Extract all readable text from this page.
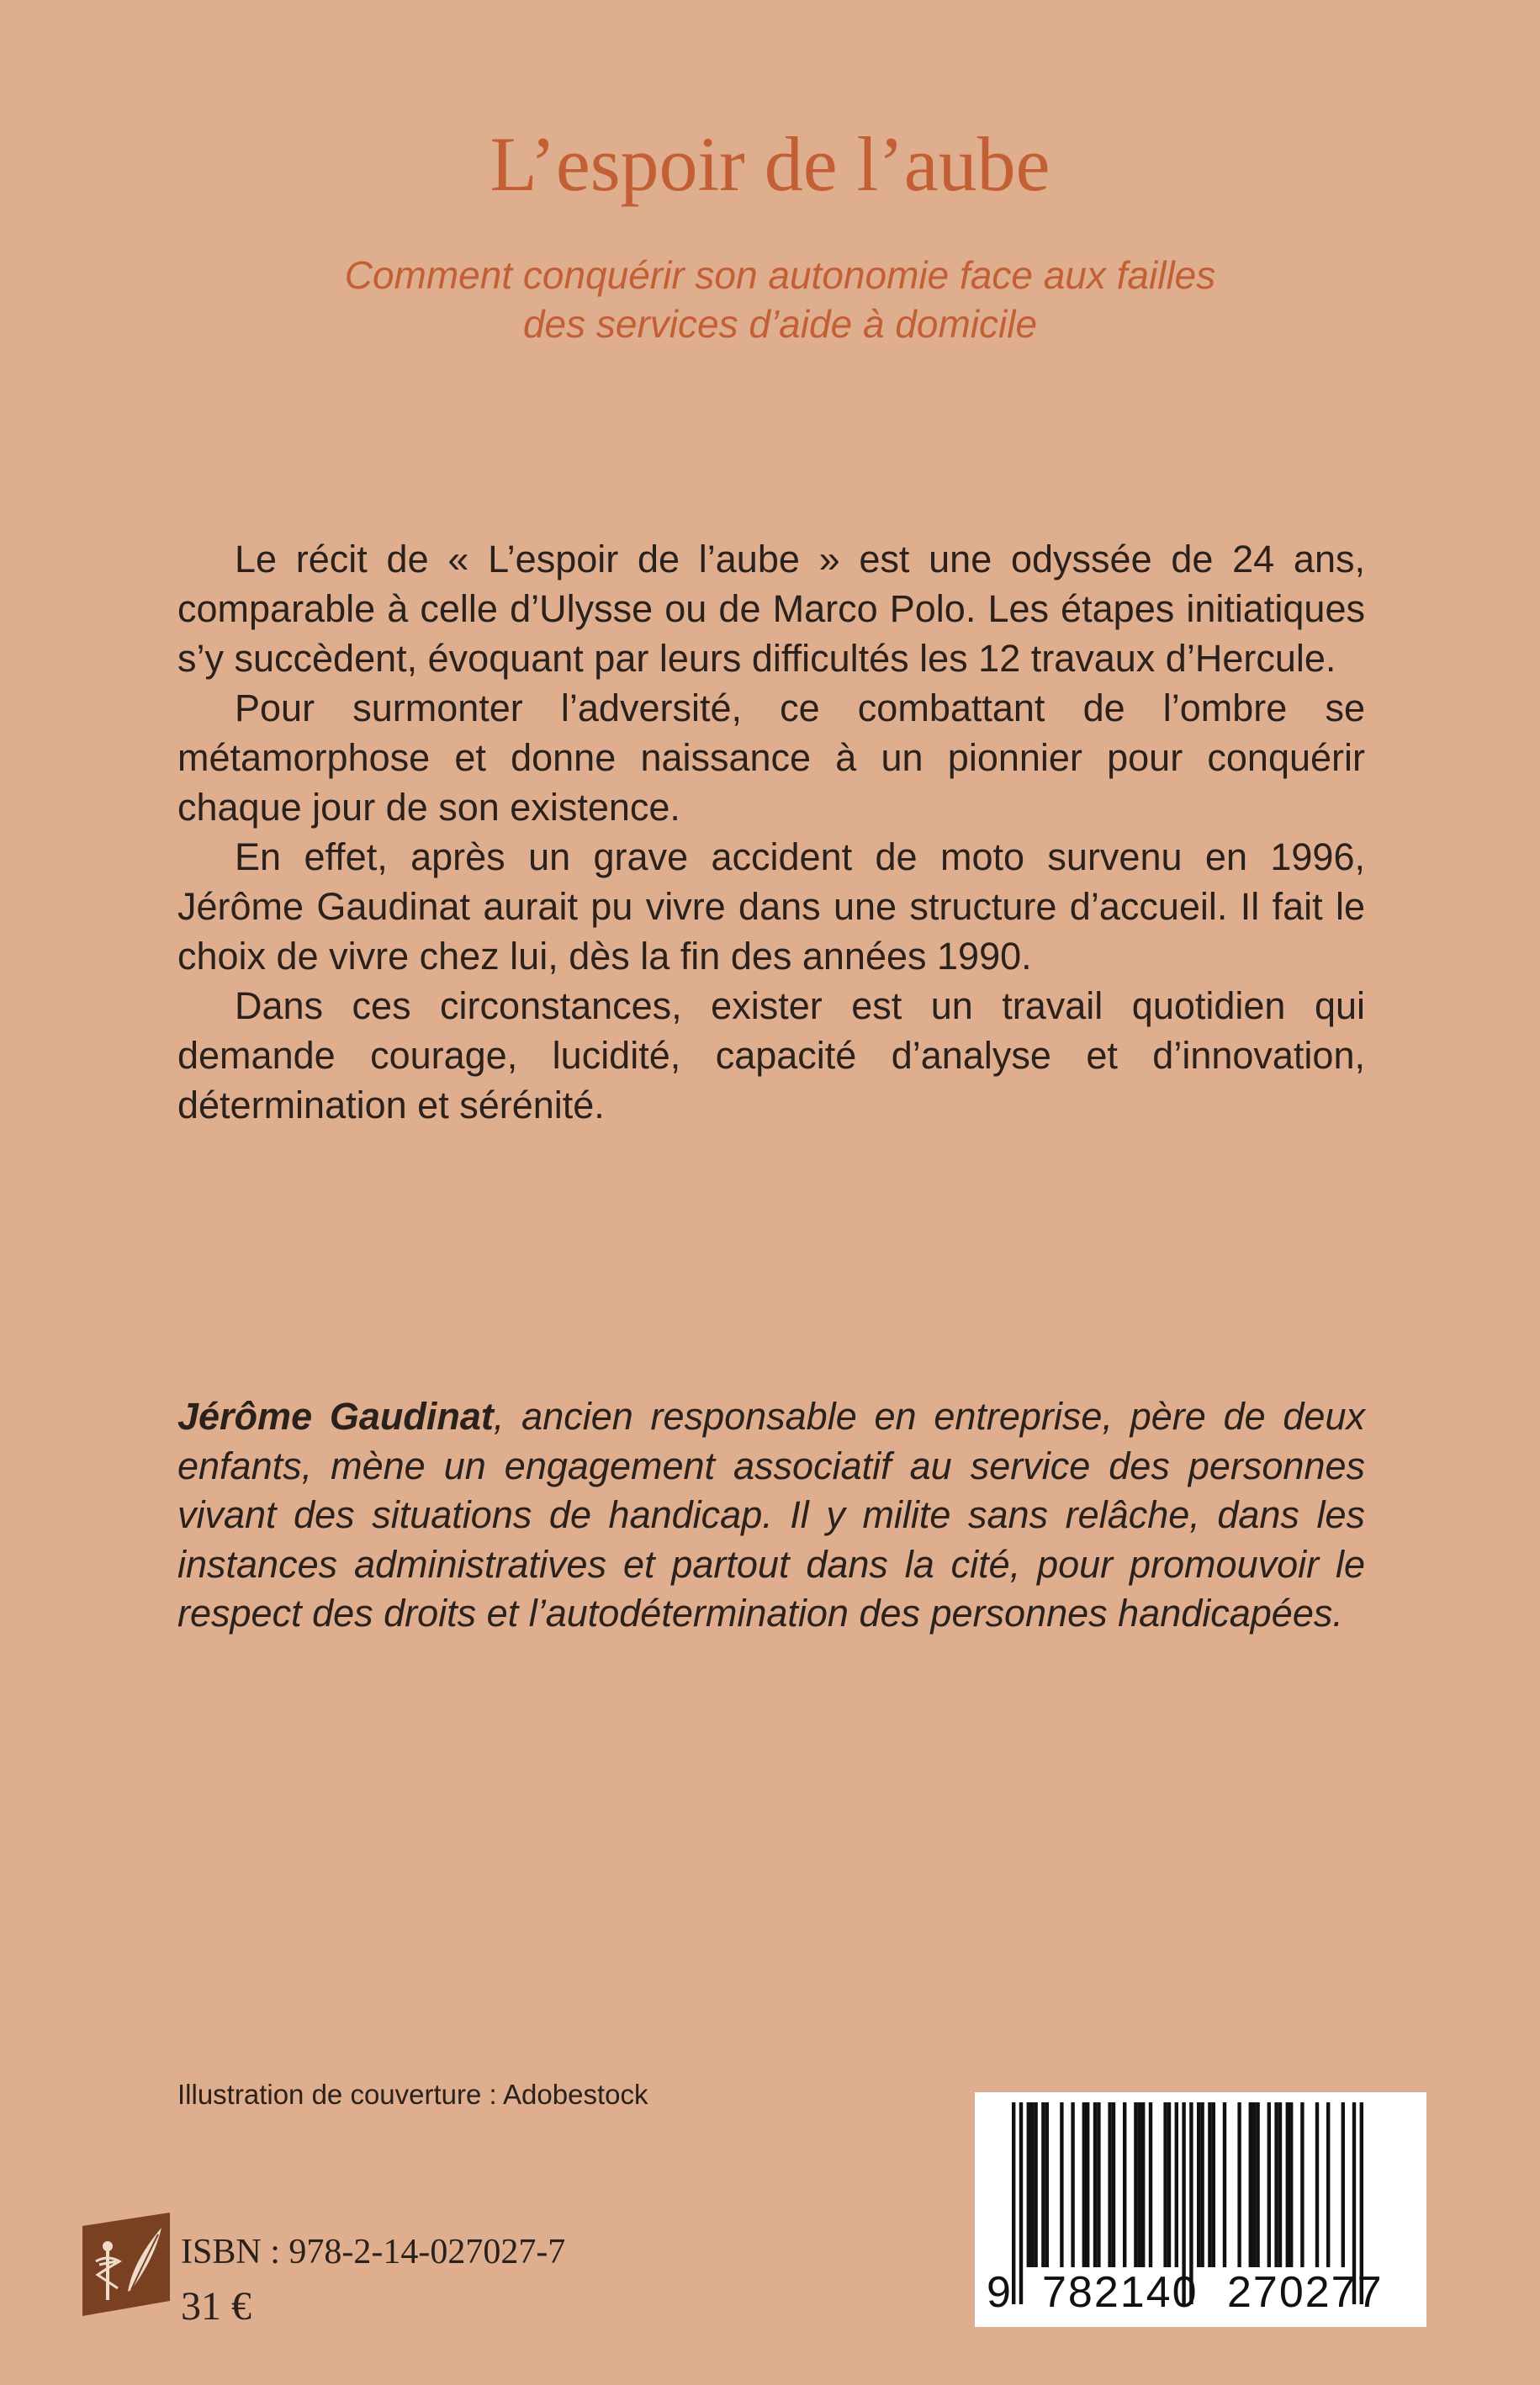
L’espoir de l’aube
Comment conquérir son autonomie face aux failles
des services d’aide à domicile

Le récit de « L’espoir de l’aube » est une odyssée de 24 ans, comparable à celle d’Ulysse ou de Marco Polo. Les étapes initiatiques s’y succèdent, évoquant par leurs difficultés les 12 travaux d’Hercule.

Pour surmonter l’adversité, ce combattant de l’ombre se métamorphose et donne naissance à un pionnier pour conquérir chaque jour de son existence.

En effet, après un grave accident de moto survenu en 1996, Jérôme Gaudinat aurait pu vivre dans une structure d’accueil. Il fait le choix de vivre chez lui, dès la fin des années 1990.

Dans ces circonstances, exister est un travail quotidien qui demande courage, lucidité, capacité d’analyse et d’innovation, détermination et sérénité.

Jérôme Gaudinat, ancien responsable en entreprise, père de deux enfants, mène un engagement associatif au service des personnes vivant des situations de handicap. Il y milite sans relâche, dans les instances administratives et partout dans la cité, pour promouvoir le respect des droits et l’autodétermination des personnes handicapées.

Illustration de couverture : Adobestock
ISBN : 978-2-14-027027-7
31 €	9 782140 270277
